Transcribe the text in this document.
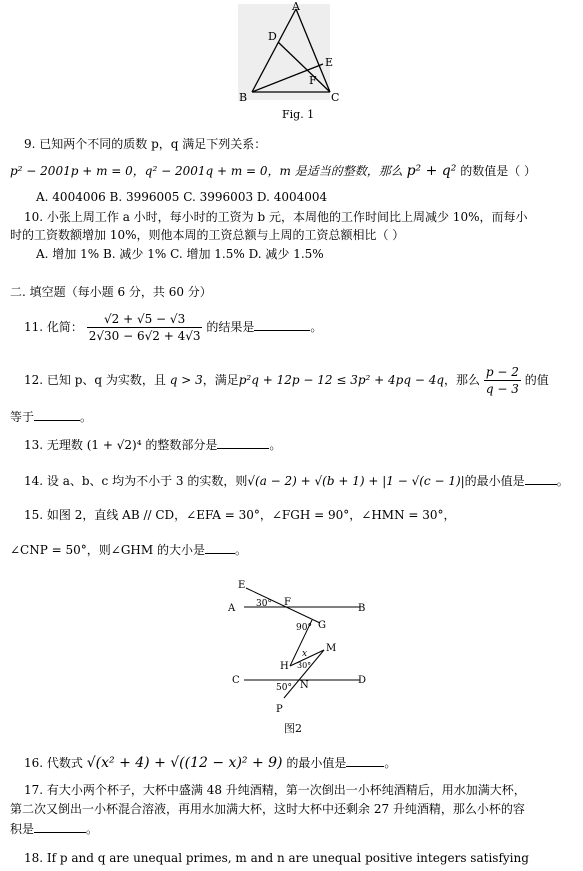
A
D
E
F
B	C
Fig. 1
9. 已知两个不同的质数 p，q 满足下列关系：
p² − 2001p + m = 0，q² − 2001q + m = 0，m 是适当的整数，那么 p² + q² 的数值是（ ）
A. 4004006 B. 3996005 C. 3996003 D. 4004004
10. 小张上周工作 a 小时，每小时的工资为 b 元，本周他的工作时间比上周减少 10%，而每小
时的工资数额增加 10%，则他本周的工资总额与上周的工资总额相比（ ）
A. 增加 1% B. 减少 1% C. 增加 1.5% D. 减少 1.5%
二. 填空题（每小题 6 分，共 60 分）
11. 化简： $\frac{√2 + √5 - √3}{2√30 - 6√2 + 4√3}$ 的结果是	。
12. 已知 p、q 为实数，且 q > 3，满足p²q + 12p − 12 ≤ 3p² + 4pq − 4q，那么 $\frac{p - 2}{q - 3}$ 的值
等于	。
13. 无理数 (1 + √2)⁴ 的整数部分是	。
14. 设 a、b、c 均为不小于 3 的实数，则√(a − 2) + √(b + 1) + |1 − √(c − 1)|的最小值是	。
15. 如图 2，直线 AB // CD，∠EFA = 30°，∠FGH = 90°，∠HMN = 30°，
∠CNP = 50°，则∠GHM 的大小是	。
E
A 30° F
B
90° G
M
x
30°
H
C
50° N	D
P
图2
16. 代数式 √(x² + 4) + √((12 − x)² + 9) 的最小值是	。
17. 有大小两个杯子，大杯中盛满 48 升纯酒精，第一次倒出一小杯纯酒精后，用水加满大杯，
第二次又倒出一小杯混合溶液，再用水加满大杯，这时大杯中还剩余 27 升纯酒精，那么小杯的容
积是	。
18. If p and q are unequal primes, m and n are unequal positive integers satisfying
